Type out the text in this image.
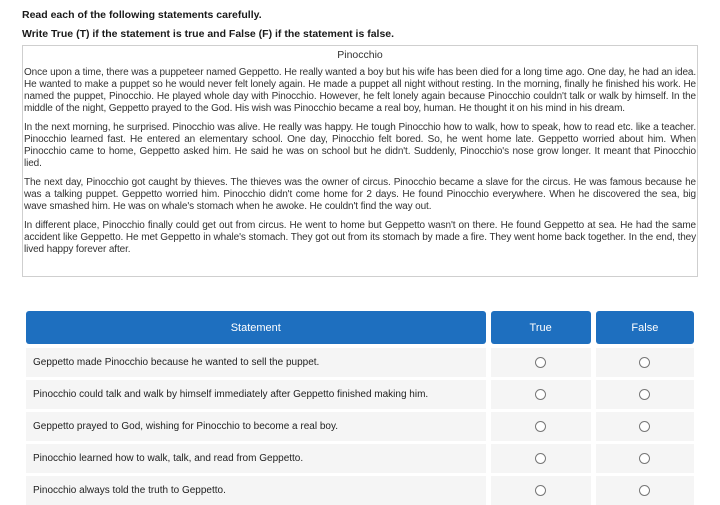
Read each of the following statements carefully.
Write True (T) if the statement is true and False (F) if the statement is false.
Pinocchio

Once upon a time, there was a puppeteer named Geppetto. He really wanted a boy but his wife has been died for a long time ago. One day, he had an idea. He wanted to make a puppet so he would never felt lonely again. He made a puppet all night without resting. In the morning, finally he finished his work. He named the puppet, Pinocchio. He played whole day with Pinocchio. However, he felt lonely again because Pinocchio couldn't talk or walk by himself. In the middle of the night, Geppetto prayed to the God. His wish was Pinocchio became a real boy, human. He thought it on his mind in his dream.

In the next morning, he surprised. Pinocchio was alive. He really was happy. He tough Pinocchio how to walk, how to speak, how to read etc. like a teacher. Pinocchio learned fast. He entered an elementary school. One day, Pinocchio felt bored. So, he went home late. Geppetto worried about him. When Pinocchio came to home, Geppetto asked him. He said he was on school but he didn't. Suddenly, Pinocchio's nose grow longer. It meant that Pinocchio lied.

The next day, Pinocchio got caught by thieves. The thieves was the owner of circus. Pinocchio became a slave for the circus. He was famous because he was a talking puppet. Geppetto worried him. Pinocchio didn't come home for 2 days. He found Pinocchio everywhere. When he discovered the sea, big wave smashed him. He was on whale's stomach when he awoke. He couldn't find the way out.

In different place, Pinocchio finally could get out from circus. He went to home but Geppetto wasn't on there. He found Geppetto at sea. He had the same accident like Geppetto. He met Geppetto in whale's stomach. They got out from its stomach by made a fire. They went home back together. In the end, they lived happy forever after.

Statement	True	False
Geppetto made Pinocchio because he wanted to sell the puppet.
Pinocchio could talk and walk by himself immediately after Geppetto finished making him.
Geppetto prayed to God, wishing for Pinocchio to become a real boy.
Pinocchio learned how to walk, talk, and read from Geppetto.
Pinocchio always told the truth to Geppetto.
